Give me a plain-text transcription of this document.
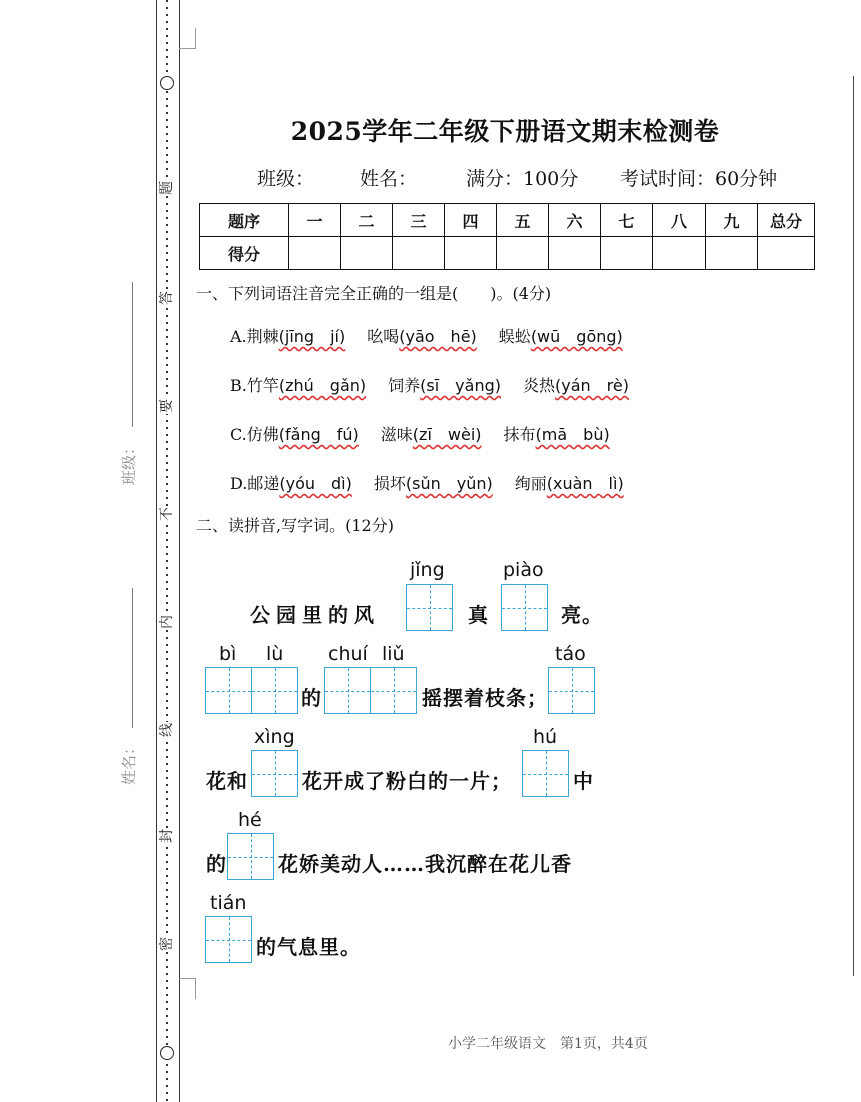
题
答
要
不
内
线
封
密
班级：
姓名：
2025学年二年级下册语文期末检测卷
班级： 姓名：	满分：100分 考试时间：60分钟
题序	一	二	三	四	五	六	七	八	九	总分
得分										
一、下列词语注音完全正确的一组是(　　)。(4分)
A.荆棘(jīng　jí) 吆喝(yāo　hē) 蜈蚣(wū　gōng)
B.竹竿(zhú　gǎn) 饲养(sī　yǎng) 炎热(yán　rè)
C.仿佛(fǎng　fú) 滋味(zī　wèi) 抹布(mā　bù)
D.邮递(yóu　dì) 损坏(sǔn　yǔn) 绚丽(xuàn　lì)
二、读拼音,写字词。(12分)
公园里的风
jǐng
真
piào
亮。
bì lù
的
chuí liǔ
摇摆着枝条；
táo
花和
xìng
花开成了粉白的一片；
hú
中
的
hé
花娇美动人……我沉醉在花儿香
tián
的气息里。
小学二年级语文　第1页，共4页
